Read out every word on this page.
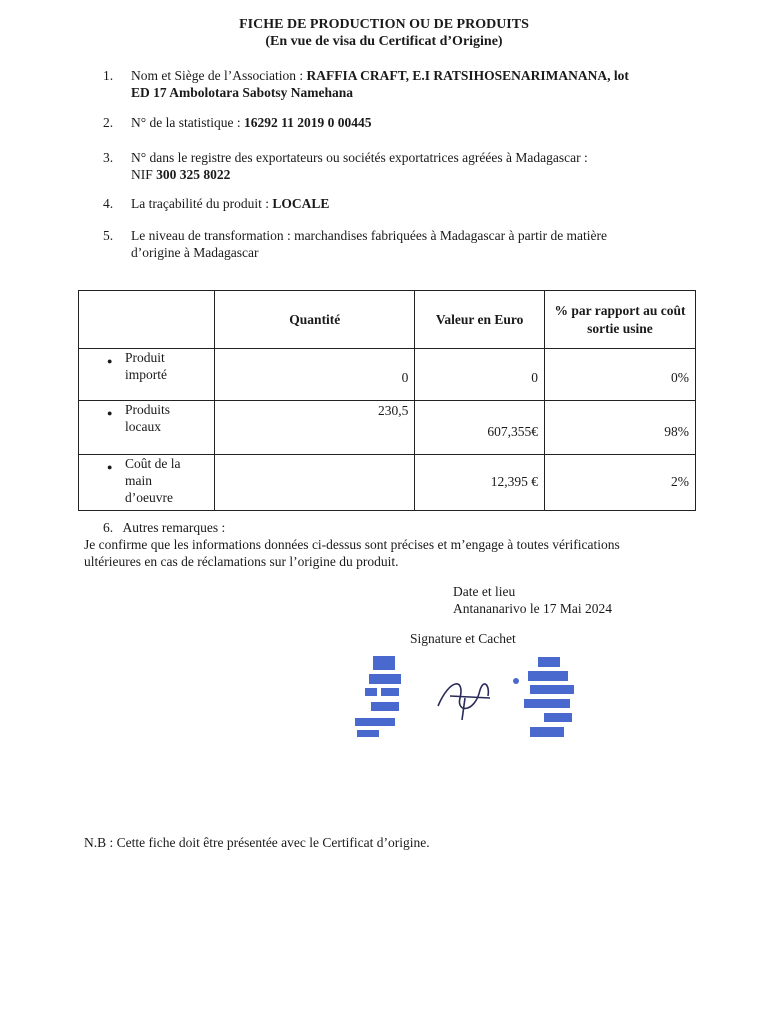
FICHE DE PRODUCTION OU DE PRODUITS
(En vue de visa du Certificat d’Origine)
1.	Nom et Siège de l’Association : RAFFIA CRAFT, E.I RATSIHOSENARIMANANA, lot
ED 17 Ambolotara Sabotsy Namehana
2.	N° de la statistique : 16292 11 2019 0 00445
3.	N° dans le registre des exportateurs ou sociétés exportatrices agréées à Madagascar :
NIF 300 325 8022
4.	La traçabilité du produit : LOCALE
5.	Le niveau de transformation : marchandises fabriquées à Madagascar à partir de matière
d’origine à Madagascar
	Quantité	Valeur en Euro	% par rapport au coût sortie usine

● Produit
importé	0	0	0%

● Produits
locaux	230,5	607,355€	98%

● Coût de la
main
d’oeuvre		12,395 €	2%
6. Autres remarques :
Je confirme que les informations données ci-dessus sont précises et m’engage à toutes vérifications
ultérieures en cas de réclamations sur l’origine du produit.
Date et lieu
Antananarivo le 17 Mai 2024
Signature et Cachet
N.B : Cette fiche doit être présentée avec le Certificat d’origine.
